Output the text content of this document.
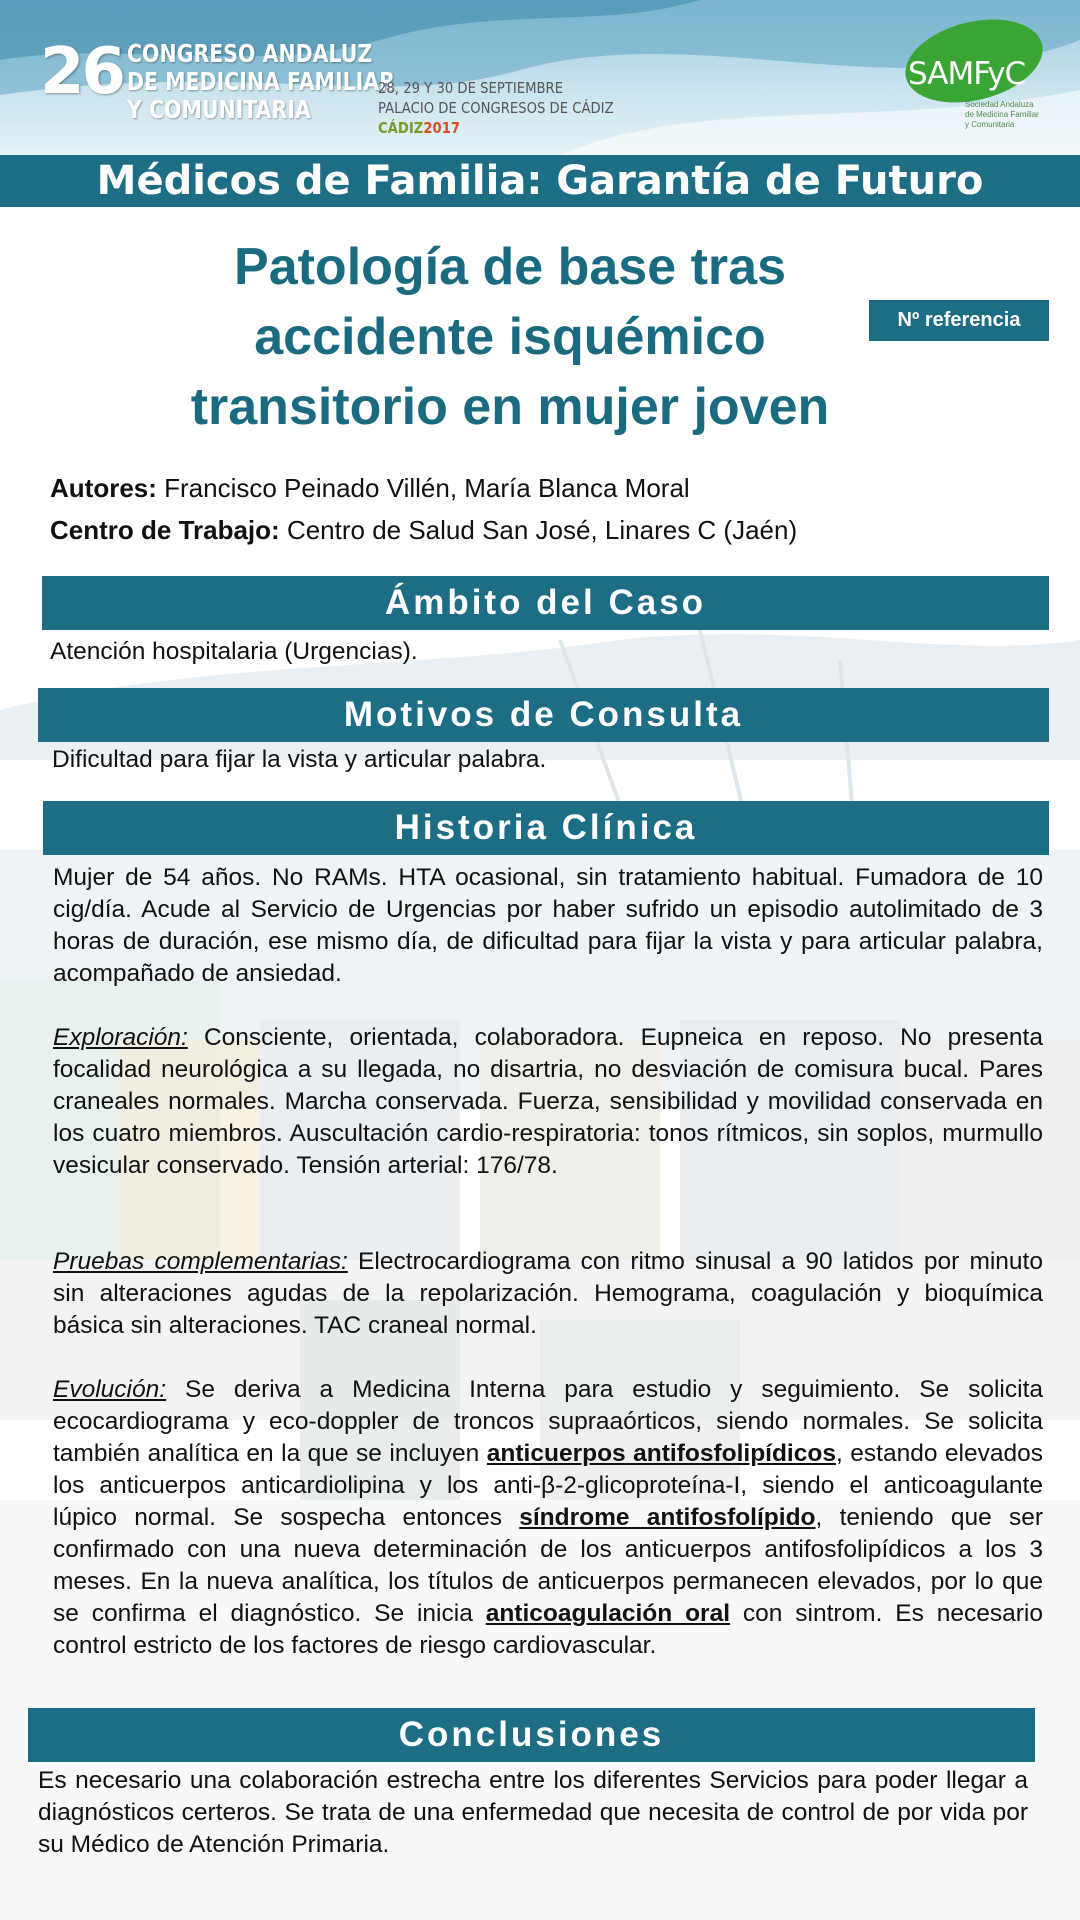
26 CONGRESO ANDALUZ
DE MEDICINA FAMILIAR
Y COMUNITARIA
28, 29 Y 30 DE SEPTIEMBRE
PALACIO DE CONGRESOS DE CÁDIZ
CÁDIZ2017
SAMFyC
Sociedad Andaluza
de Medicina Familiar
y Comunitaria
Médicos de Familia: Garantía de Futuro
Patología de base tras
accidente isquémico
transitorio en mujer joven
Nº referencia
Autores: Francisco Peinado Villén, María Blanca Moral
Centro de Trabajo: Centro de Salud San José, Linares C (Jaén)
Ámbito del Caso
Atención hospitalaria (Urgencias).
Motivos de Consulta
Dificultad para fijar la vista y articular palabra.
Historia Clínica
Mujer de 54 años. No RAMs. HTA ocasional, sin tratamiento habitual. Fumadora de 10 cig/día. Acude al Servicio de Urgencias por haber sufrido un episodio autolimitado de 3 horas de duración, ese mismo día, de dificultad para fijar la vista y para articular palabra, acompañado de ansiedad.
Exploración: Consciente, orientada, colaboradora. Eupneica en reposo. No presenta focalidad neurológica a su llegada, no disartria, no desviación de comisura bucal. Pares craneales normales. Marcha conservada. Fuerza, sensibilidad y movilidad conservada en los cuatro miembros. Auscultación cardio-respiratoria: tonos rítmicos, sin soplos, murmullo vesicular conservado. Tensión arterial: 176/78.
Pruebas complementarias: Electrocardiograma con ritmo sinusal a 90 latidos por minuto sin alteraciones agudas de la repolarización. Hemograma, coagulación y bioquímica básica sin alteraciones. TAC craneal normal.
Evolución: Se deriva a Medicina Interna para estudio y seguimiento. Se solicita ecocardiograma y eco-doppler de troncos supraaórticos, siendo normales. Se solicita también analítica en la que se incluyen anticuerpos antifosfolipídicos, estando elevados los anticuerpos anticardiolipina y los anti-β-2-glicoproteína-I, siendo el anticoagulante lúpico normal. Se sospecha entonces síndrome antifosfolípido, teniendo que ser confirmado con una nueva determinación de los anticuerpos antifosfolipídicos a los 3 meses. En la nueva analítica, los títulos de anticuerpos permanecen elevados, por lo que se confirma el diagnóstico. Se inicia anticoagulación oral con sintrom. Es necesario control estricto de los factores de riesgo cardiovascular.
Conclusiones
Es necesario una colaboración estrecha entre los diferentes Servicios para poder llegar a diagnósticos certeros. Se trata de una enfermedad que necesita de control de por vida por su Médico de Atención Primaria.
